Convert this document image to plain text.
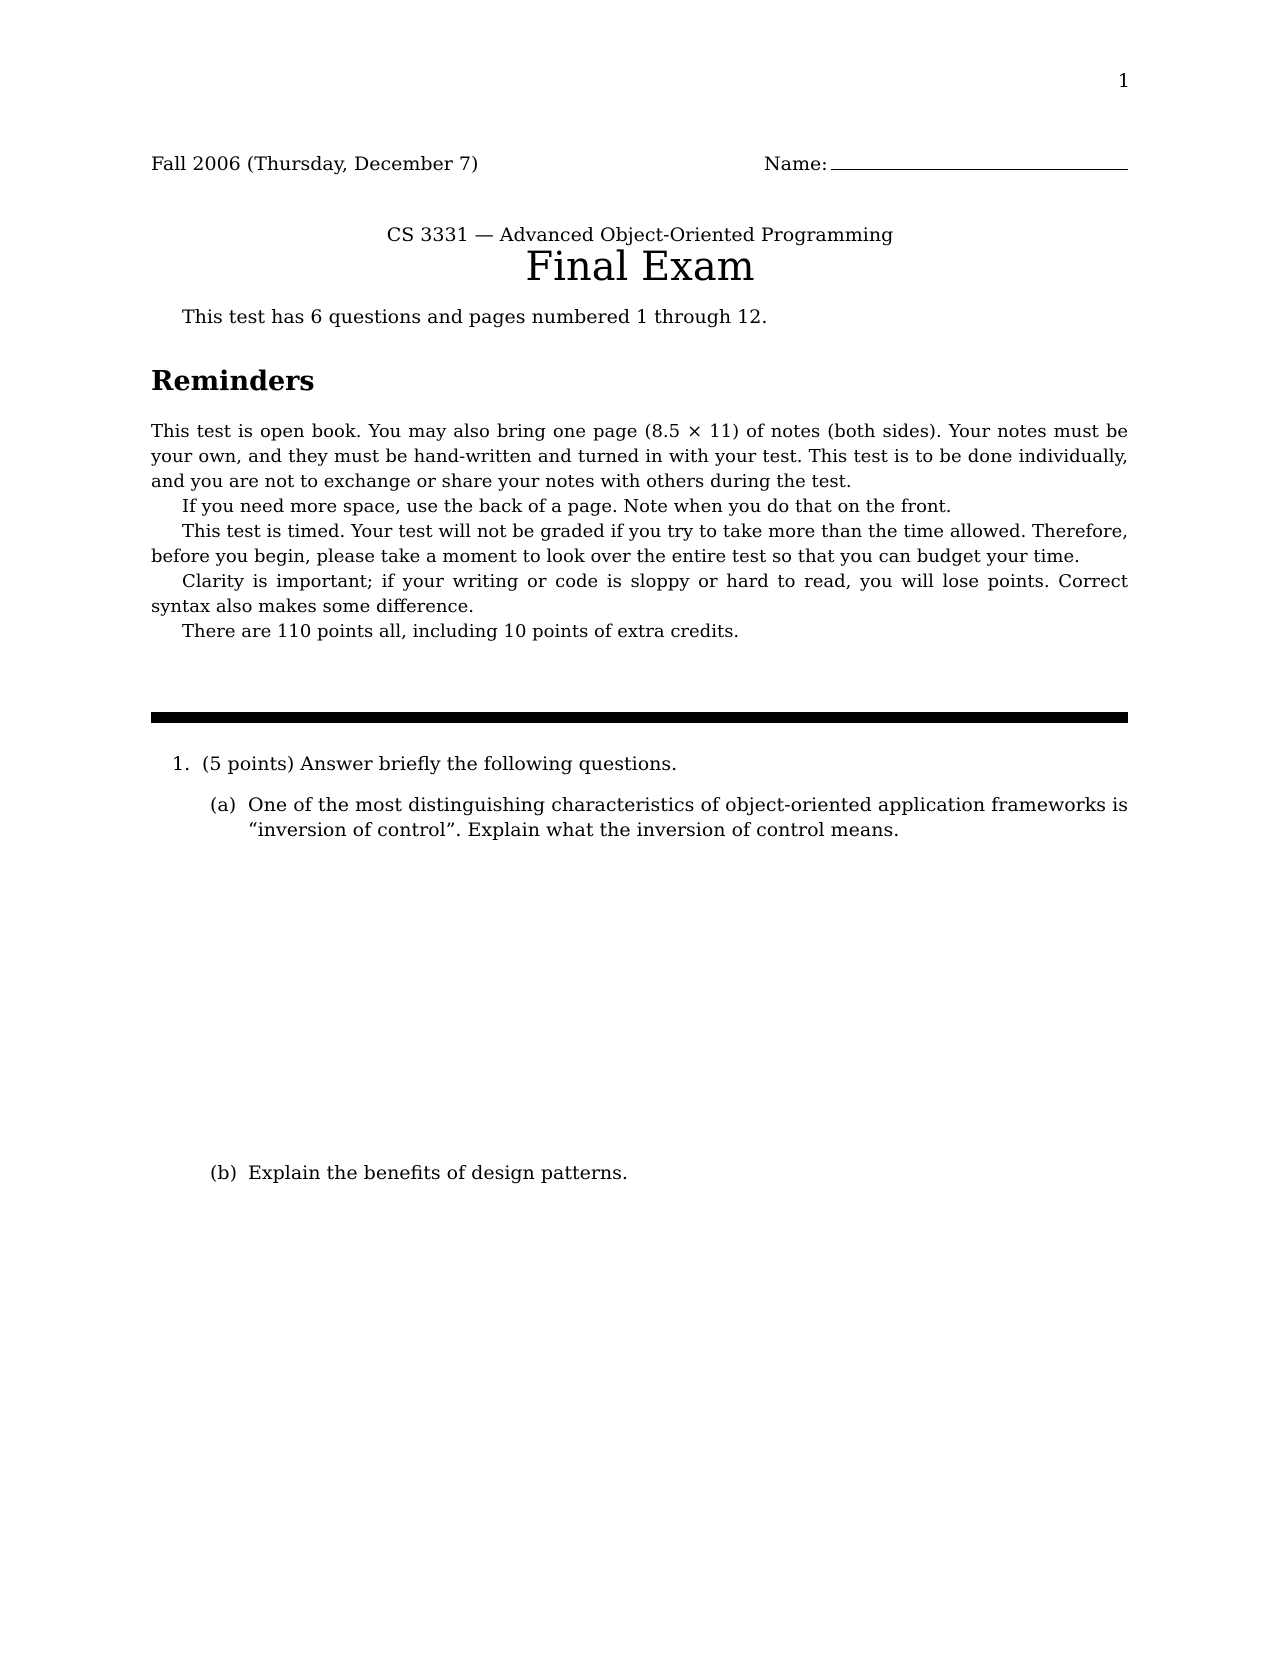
1
Fall 2006 (Thursday, December 7)	Name:
CS 3331 — Advanced Object-Oriented Programming
Final Exam
This test has 6 questions and pages numbered 1 through 12.
Reminders

This test is open book. You may also bring one page (8.5 × 11) of notes (both sides). Your notes must be your own, and they must be hand-written and turned in with your test. This test is to be done individually, and you are not to exchange or share your notes with others during the test.

If you need more space, use the back of a page. Note when you do that on the front.

This test is timed. Your test will not be graded if you try to take more than the time allowed. Therefore, before you begin, please take a moment to look over the entire test so that you can budget your time.

Clarity is important; if your writing or code is sloppy or hard to read, you will lose points. Correct syntax also makes some difference.

There are 110 points all, including 10 points of extra credits.

1. (5 points) Answer briefly the following questions.
(a) One of the most distinguishing characteristics of object-oriented application frameworks is “inversion of control”. Explain what the inversion of control means.
(b) Explain the benefits of design patterns.
